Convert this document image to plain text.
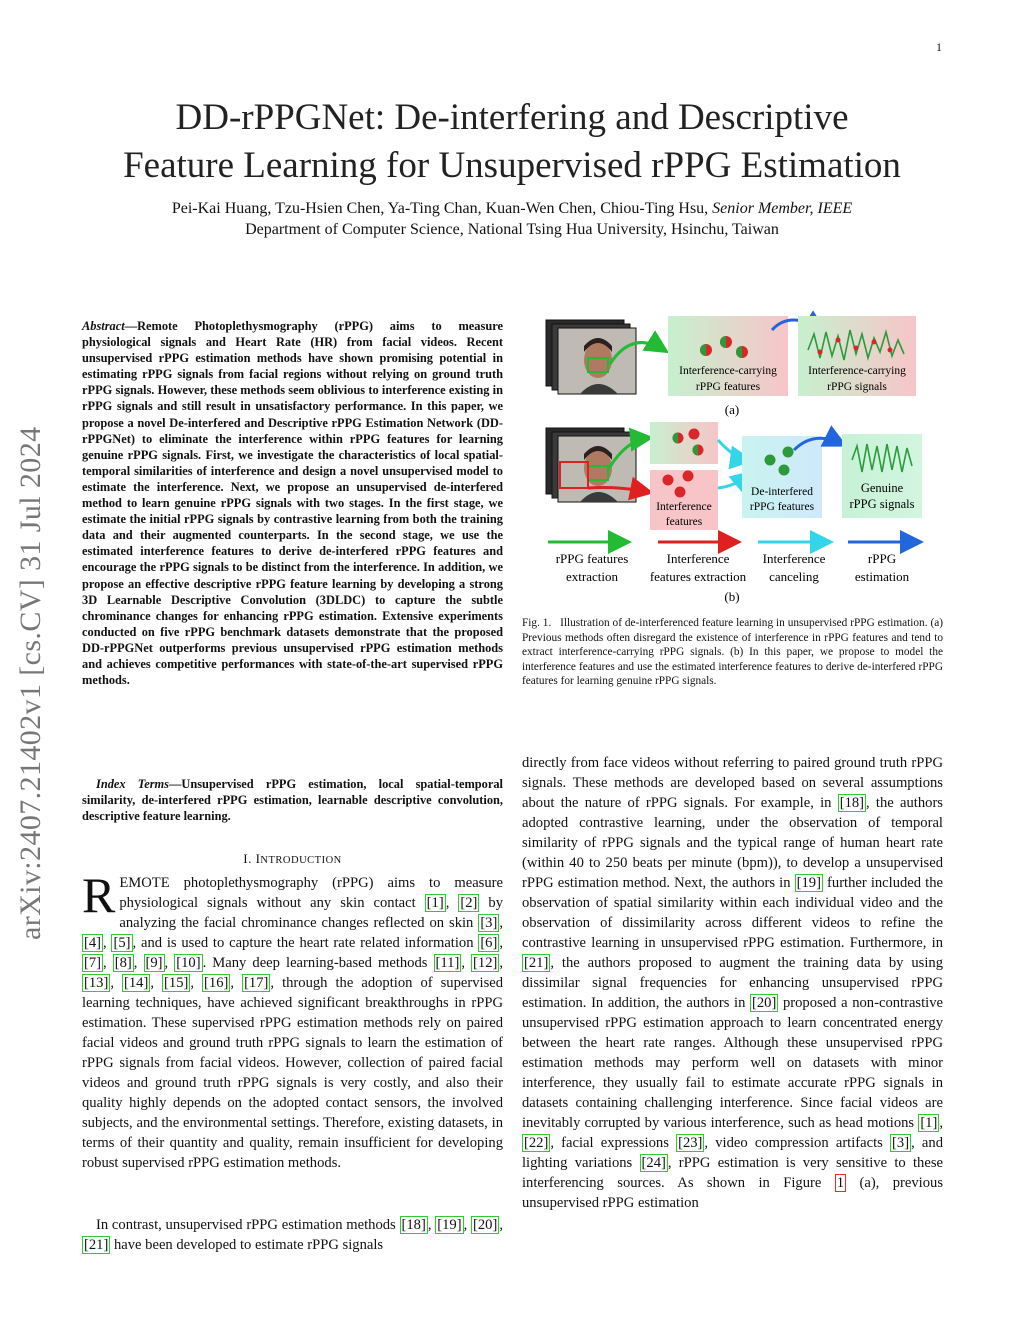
1
arXiv:2407.21402v1 [cs.CV] 31 Jul 2024
DD-rPPGNet: De-interfering and Descriptive
Feature Learning for Unsupervised rPPG Estimation
Pei-Kai Huang, Tzu-Hsien Chen, Ya-Ting Chan, Kuan-Wen Chen, Chiou-Ting Hsu, Senior Member, IEEE
Department of Computer Science, National Tsing Hua University, Hsinchu, Taiwan
Abstract—Remote Photoplethysmography (rPPG) aims to measure physiological signals and Heart Rate (HR) from facial videos. Recent unsupervised rPPG estimation methods have shown promising potential in estimating rPPG signals from facial regions without relying on ground truth rPPG signals. However, these methods seem oblivious to interference existing in rPPG signals and still result in unsatisfactory performance. In this paper, we propose a novel De-interfered and Descriptive rPPG Estimation Network (DD-rPPGNet) to eliminate the interference within rPPG features for learning genuine rPPG signals. First, we investigate the characteristics of local spatial-temporal similarities of interference and design a novel unsupervised model to estimate the interference. Next, we propose an unsupervised de-interfered method to learn genuine rPPG signals with two stages. In the first stage, we estimate the initial rPPG signals by contrastive learning from both the training data and their augmented counterparts. In the second stage, we use the estimated interference features to derive de-interfered rPPG features and encourage the rPPG signals to be distinct from the interference. In addition, we propose an effective descriptive rPPG feature learning by developing a strong 3D Learnable Descriptive Convolution (3DLDC) to capture the subtle chrominance changes for enhancing rPPG estimation. Extensive experiments conducted on five rPPG benchmark datasets demonstrate that the proposed DD-rPPGNet outperforms previous unsupervised rPPG estimation methods and achieves competitive performances with state-of-the-art supervised rPPG methods.
Index Terms—Unsupervised rPPG estimation, local spatial-temporal similarity, de-interfered rPPG estimation, learnable descriptive convolution, descriptive feature learning.
I. INTRODUCTION
REMOTE photoplethysmography (rPPG) aims to measure physiological signals without any skin contact [1] , [2] by analyzing the facial chrominance changes reflected on skin [3] , [4] , [5] , and is used to capture the heart rate related information [6] , [7] , [8] , [9] , [10] . Many deep learning-based methods [11] , [12] , [13] , [14] , [15] , [16] , [17] , through the adoption of supervised learning techniques, have achieved significant breakthroughs in rPPG estimation. These supervised rPPG estimation methods rely on paired facial videos and ground truth rPPG signals to learn the estimation of rPPG signals from facial videos. However, collection of paired facial videos and ground truth rPPG signals is very costly, and also their quality highly depends on the adopted contact sensors, the involved subjects, and the environmental settings. Therefore, existing datasets, in terms of their quantity and quality, remain insufficient for developing robust supervised rPPG estimation methods.
In contrast, unsupervised rPPG estimation methods [18] , [19] , [20] , [21] have been developed to estimate rPPG signals
Interference-carrying
rPPG features
Interference-carrying
rPPG signals
(a)
Interference
features
De-interfered
rPPG features
Genuine
rPPG signals
rPPG features
extraction
Interference
features extraction
Interference
canceling
rPPG
estimation
(b)
Fig. 1. Illustration of de-interferenced feature learning in unsupervised rPPG estimation. (a) Previous methods often disregard the existence of interference in rPPG features and tend to extract interference-carrying rPPG signals. (b) In this paper, we propose to model the interference features and use the estimated interference features to derive de-interfered rPPG features for learning genuine rPPG signals.
directly from face videos without referring to paired ground truth rPPG signals. These methods are developed based on several assumptions about the nature of rPPG signals. For example, in [18] , the authors adopted contrastive learning, under the observation of temporal similarity of rPPG signals and the typical range of human heart rate (within 40 to 250 beats per minute (bpm)), to develop a unsupervised rPPG estimation method. Next, the authors in [19] further included the observation of spatial similarity within each individual video and the observation of dissimilarity across different videos to refine the contrastive learning in unsupervised rPPG estimation. Furthermore, in [21] , the authors proposed to augment the training data by using dissimilar signal frequencies for enhancing unsupervised rPPG estimation. In addition, the authors in [20] proposed a non-contrastive unsupervised rPPG estimation approach to learn concentrated energy between the heart rate ranges. Although these unsupervised rPPG estimation methods may perform well on datasets with minor interference, they usually fail to estimate accurate rPPG signals in datasets containing challenging interference. Since facial videos are inevitably corrupted by various interference, such as head motions [1] , [22] , facial expressions [23] , video compression artifacts [3] , and lighting variations [24] , rPPG estimation is very sensitive to these interferencing sources. As shown in Figure 1 (a), previous unsupervised rPPG estimation
